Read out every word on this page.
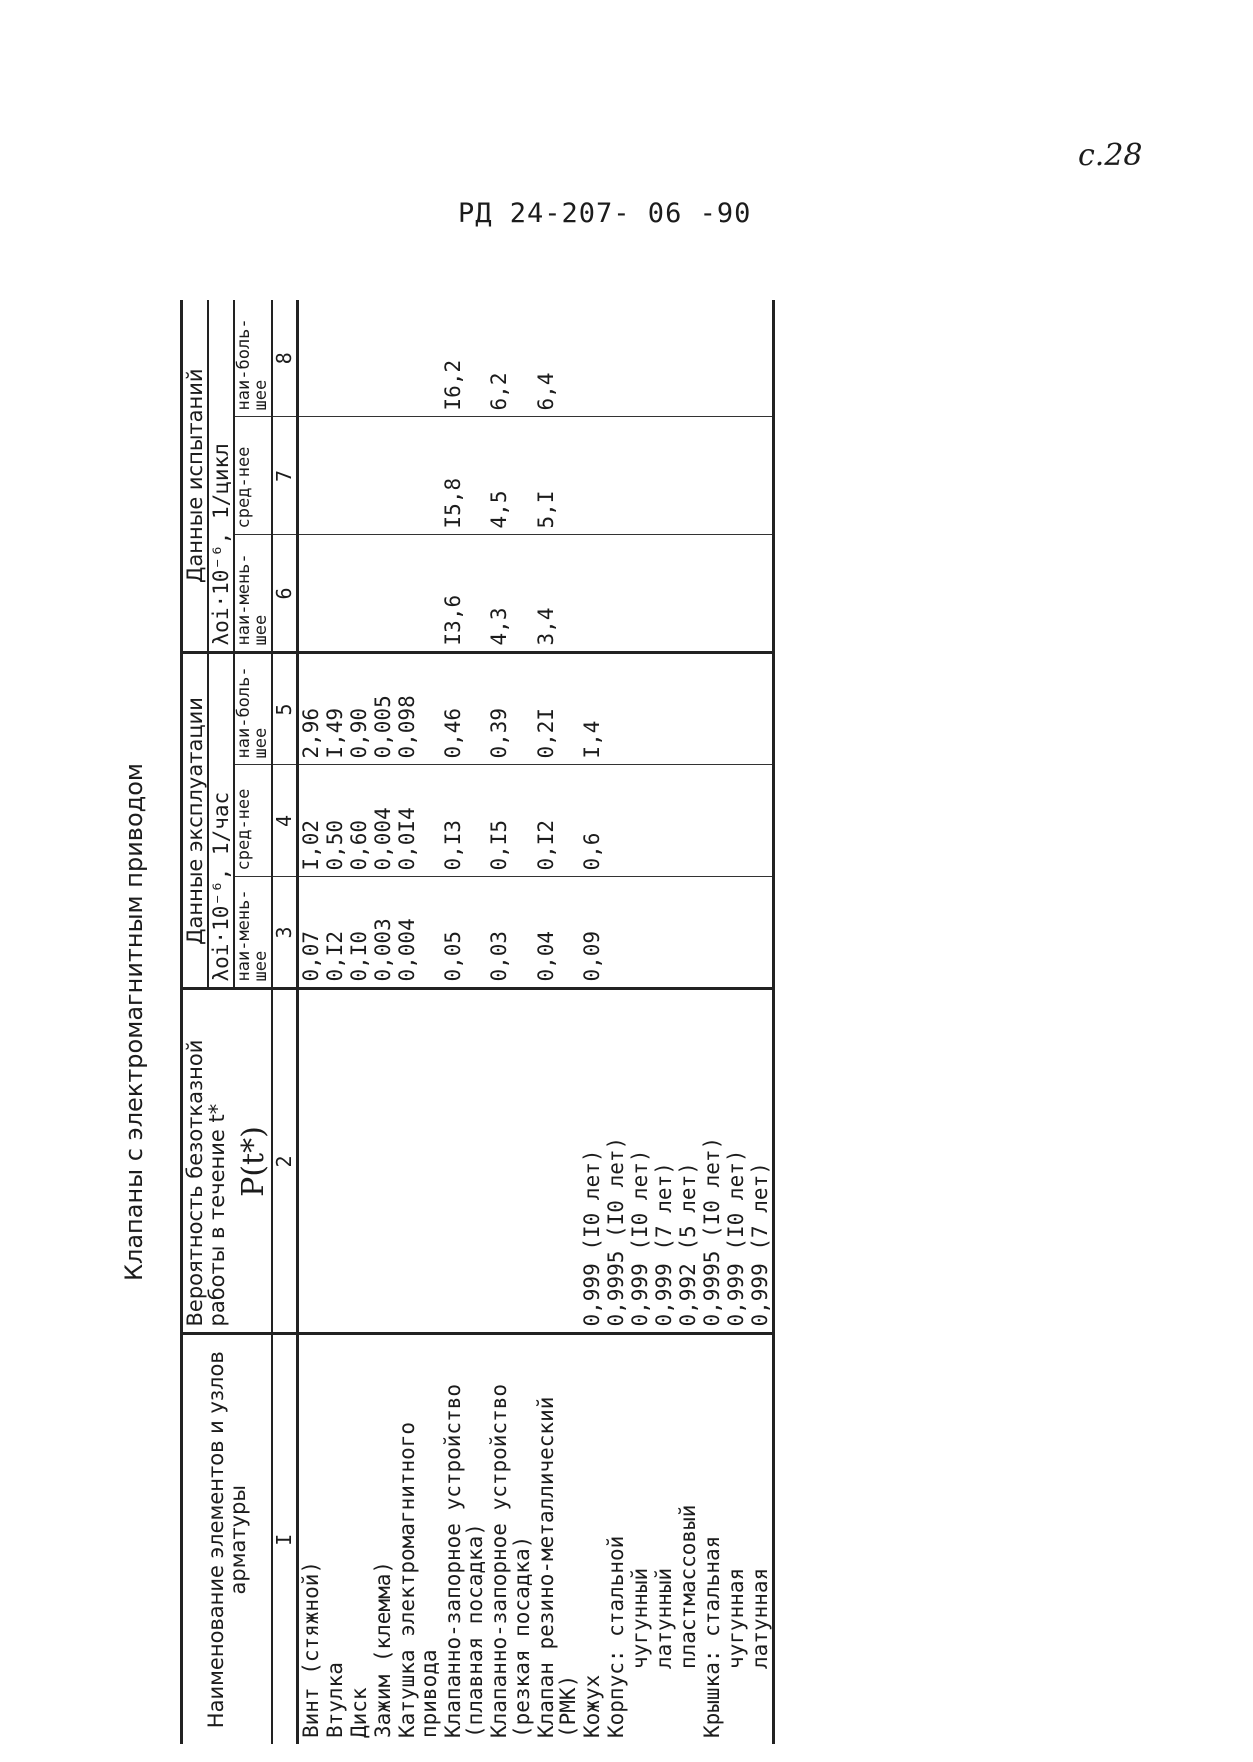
с.28
РД 24-207- 06 -90
Клапаны с электромагнитным приводом
Наименование элементов и узлов арматуры	Вероятность безотказной работы в течение t* P(t*)	Данные эксплуатации			Данные испытаний		
		λоi·10⁻⁶, 1/час			λоi·10⁻⁶, 1/цикл		
		наи-мень-шее	сред-нее	наи-боль-шее	наи-мень-шее	сред-нее	наи-боль-шее
I	2	3	4	5	6	7	8
Винт (стяжной)		0,07	I,02	2,96			
Втулка		0,I2	0,50	I,49			
Диск		0,I0	0,60	0,90			
Зажим (клемма)		0,003	0,004	0,005			
Катушка электромагнитного привода		0,004	0,0I4	0,098			
Клапанно-запорное устройство (плавная посадка)		0,05	0,I3	0,46	I3,6	I5,8	I6,2
Клапанно-запорное устройство (резкая посадка)		0,03	0,I5	0,39	4,3	4,5	6,2
Клапан резино-металлический (РМК)		0,04	0,I2	0,2I	3,4	5,I	6,4
Кожух	0,999 (I0 лет)	0,09	0,6	I,4			
Корпус: стальной	0,9995 (I0 лет)						
чугунный	0,999 (I0 лет)						
латунный	0,999 (7 лет)						
пластмассовый	0,992 (5 лет)						
Крышка: стальная	0,9995 (I0 лет)						
чугунная	0,999 (I0 лет)						
латунная	0,999 (7 лет)						
